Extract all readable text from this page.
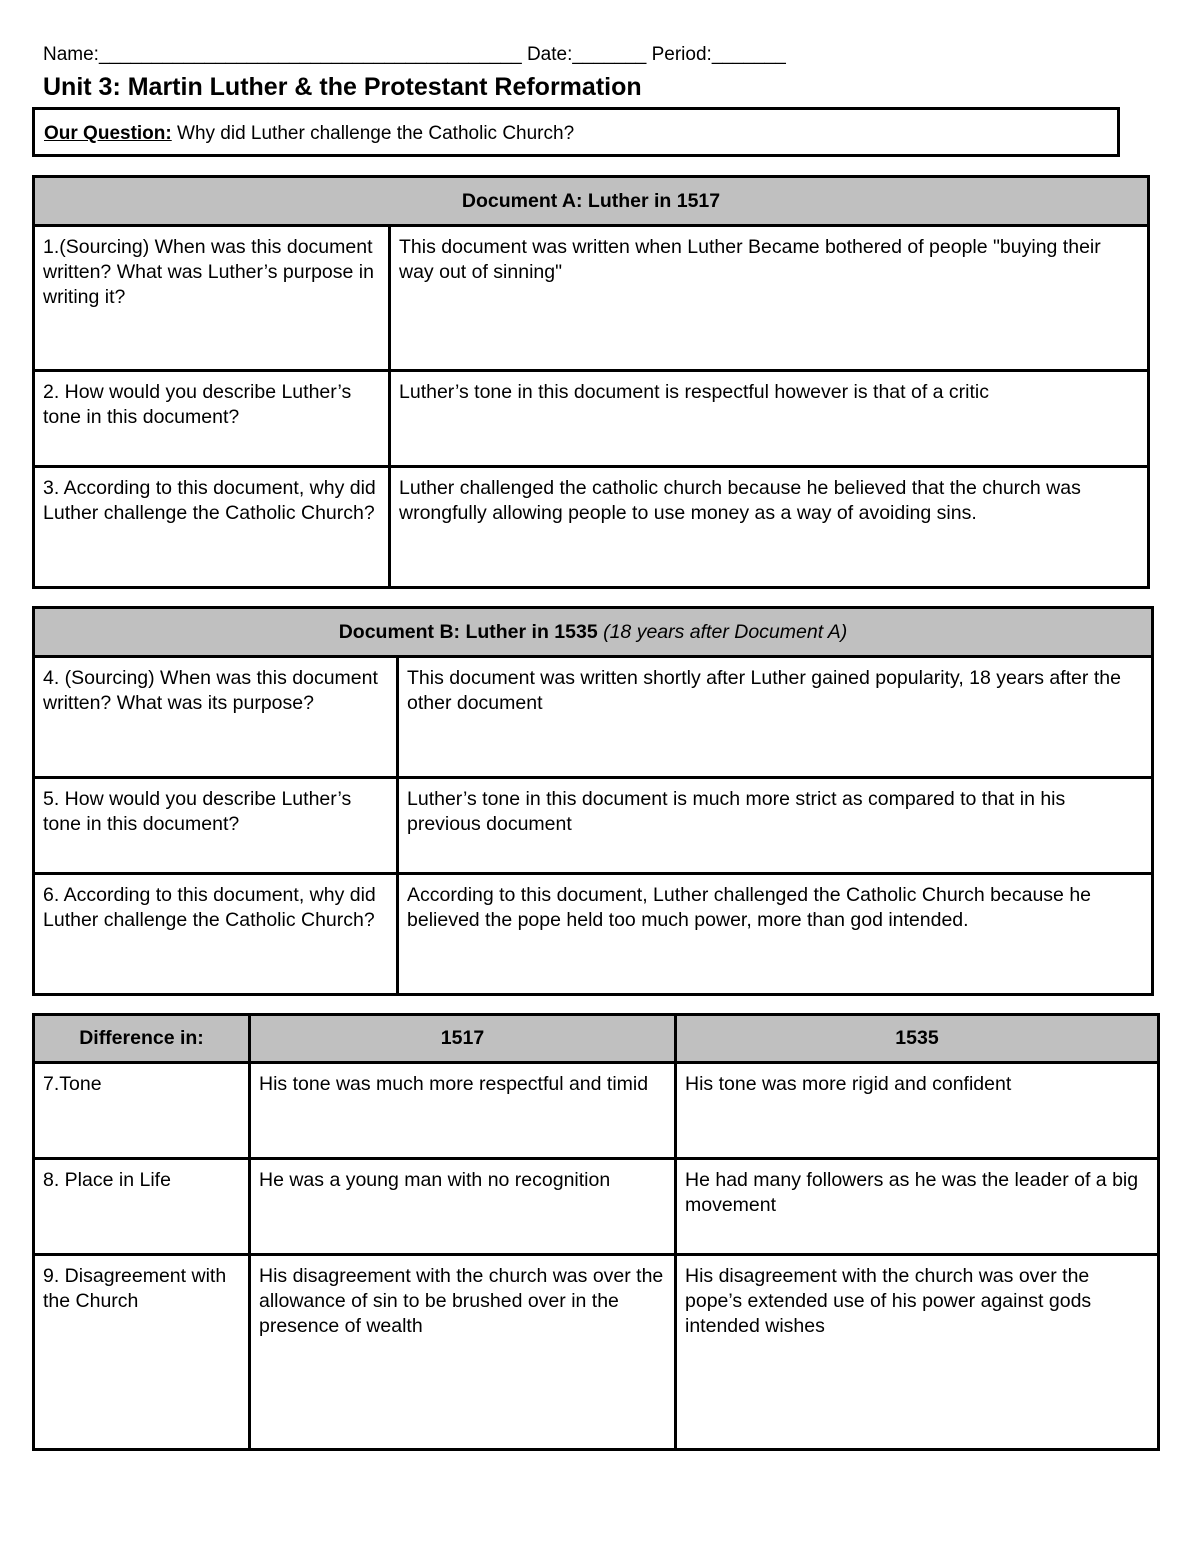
Name:________________________________________ Date:_______ Period:_______
Unit 3: Martin Luther & the Protestant Reformation
Our Question: Why did Luther challenge the Catholic Church?
Document A: Luther in 1517	
1.(Sourcing) When was this document written? What was Luther’s purpose in writing it?	This document was written when Luther Became bothered of people "buying their way out of sinning"
2. How would you describe Luther’s tone in this document?	Luther’s tone in this document is respectful however is that of a critic
3. According to this document, why did Luther challenge the Catholic Church?	Luther challenged the catholic church because he believed that the church was wrongfully allowing people to use money as a way of avoiding sins.
Document B: Luther in 1535 (18 years after Document A)	
4. (Sourcing) When was this document written? What was its purpose?	This document was written shortly after Luther gained popularity, 18 years after the other document
5. How would you describe Luther’s tone in this document?	Luther’s tone in this document is much more strict as compared to that in his previous document
6. According to this document, why did Luther challenge the Catholic Church?	According to this document, Luther challenged the Catholic Church because he believed the pope held too much power, more than god intended.
Difference in:	1517	1535
7.Tone	His tone was much more respectful and timid	His tone was more rigid and confident
8. Place in Life	He was a young man with no recognition	He had many followers as he was the leader of a big movement
9. Disagreement with the Church	His disagreement with the church was over the allowance of sin to be brushed over in the presence of wealth	His disagreement with the church was over the pope’s extended use of his power against gods intended wishes
